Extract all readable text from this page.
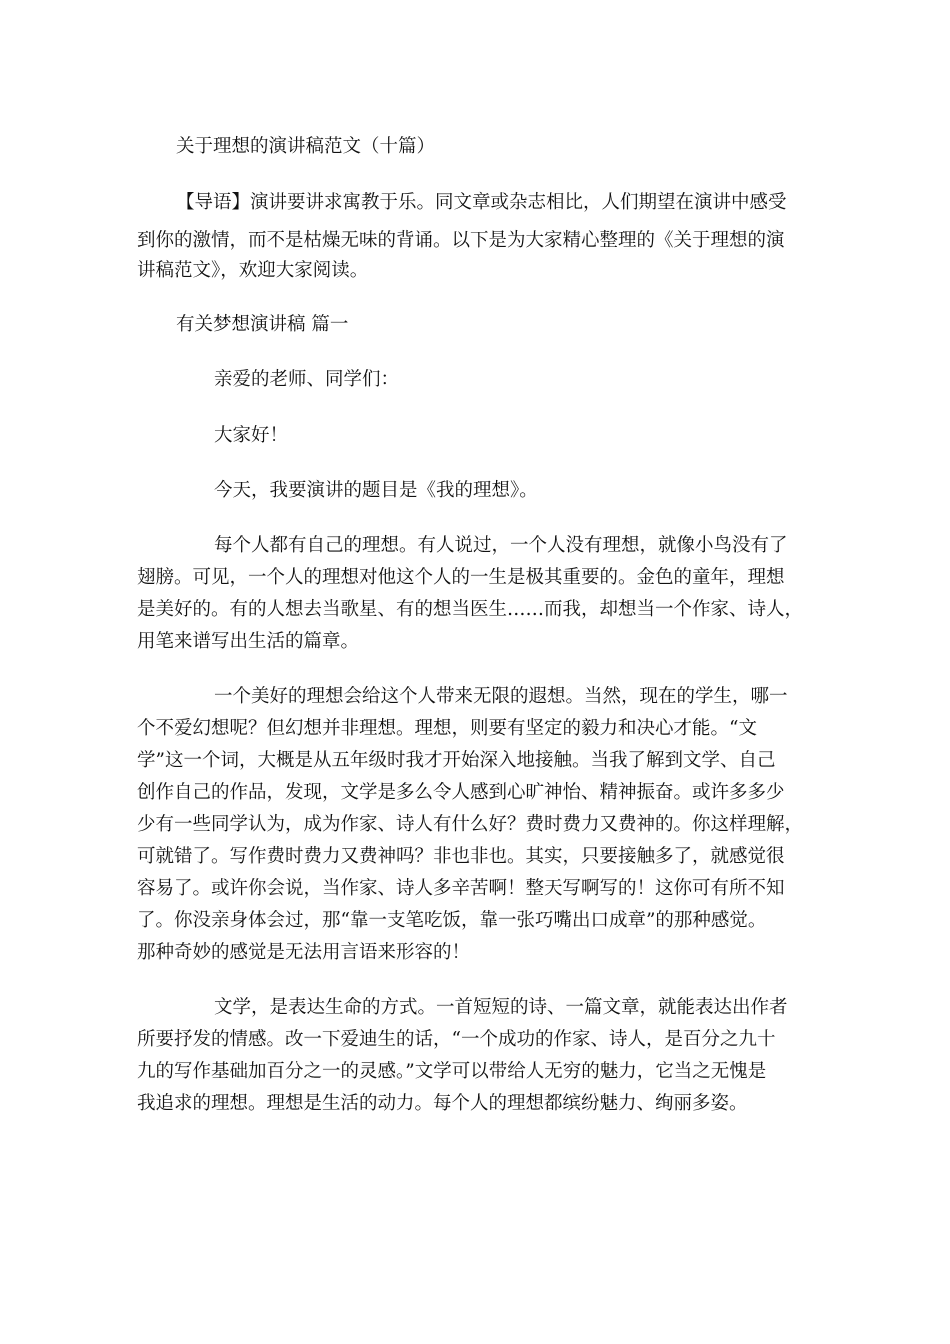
关于理想的演讲稿范文（十篇）
【导语】演讲要讲求寓教于乐。同文章或杂志相比，人们期望在演讲中感受
到你的激情，而不是枯燥无味的背诵。以下是为大家精心整理的《关于理想的演
讲稿范文》，欢迎大家阅读。
有关梦想演讲稿 篇一
亲爱的老师、同学们：
大家好！
今天，我要演讲的题目是《我的理想》。
每个人都有自己的理想。有人说过，一个人没有理想，就像小鸟没有了
翅膀。可见，一个人的理想对他这个人的一生是极其重要的。金色的童年，理想
是美好的。有的人想去当歌星、有的想当医生……而我，却想当一个作家、诗人，
用笔来谱写出生活的篇章。
一个美好的理想会给这个人带来无限的遐想。当然，现在的学生，哪一
个不爱幻想呢？但幻想并非理想。理想，则要有坚定的毅力和决心才能。“文
学”这一个词，大概是从五年级时我才开始深入地接触。当我了解到文学、自己
创作自己的作品，发现，文学是多么令人感到心旷神怡、精神振奋。或许多多少
少有一些同学认为，成为作家、诗人有什么好？费时费力又费神的。你这样理解，
可就错了。写作费时费力又费神吗？非也非也。其实，只要接触多了，就感觉很
容易了。或许你会说，当作家、诗人多辛苦啊！整天写啊写的！这你可有所不知
了。你没亲身体会过，那“靠一支笔吃饭，靠一张巧嘴出口成章”的那种感觉。
那种奇妙的感觉是无法用言语来形容的！
文学，是表达生命的方式。一首短短的诗、一篇文章，就能表达出作者
所要抒发的情感。改一下爱迪生的话，“一个成功的作家、诗人，是百分之九十
九的写作基础加百分之一的灵感。”文学可以带给人无穷的魅力，它当之无愧是
我追求的理想。理想是生活的动力。每个人的理想都缤纷魅力、绚丽多姿。
